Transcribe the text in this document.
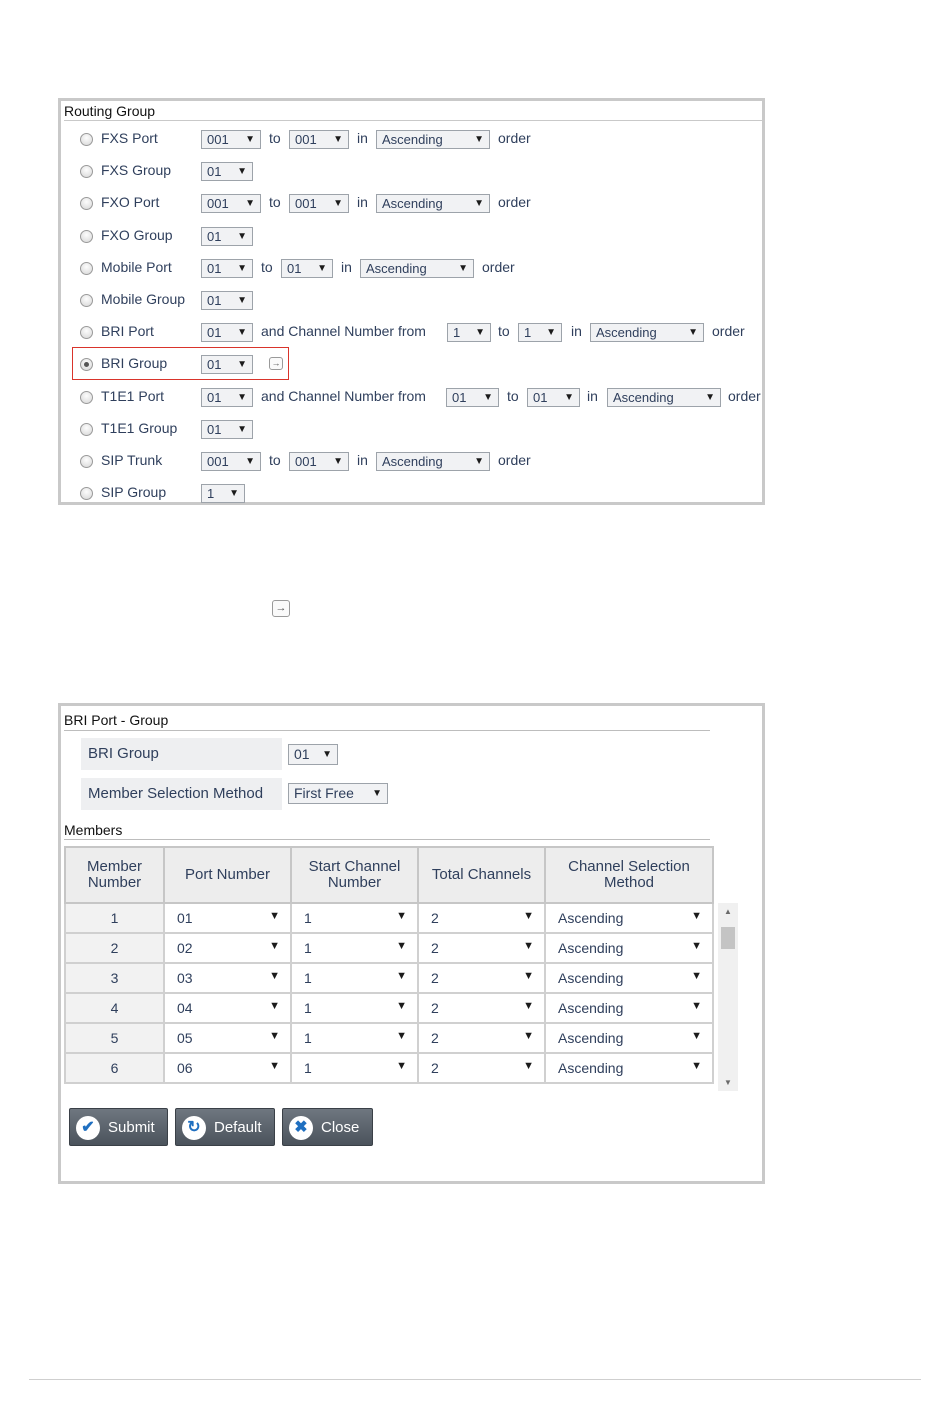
Routing Group
FXS Port	001 ▼ to	001 ▼ in	Ascending	▼ order
FXS Group	01 ▼
FXO Port	001 ▼ to	001 ▼ in	Ascending	▼ order
FXO Group	01 ▼
Mobile Port	01 ▼ to	01 ▼ in	Ascending	▼ order
Mobile Group	01 ▼
BRI Port	01 ▼ and Channel Number from	1 ▼ to	1 ▼ in	Ascending	▼ order
BRI Group	01 ▼
T1E1 Port	01 ▼ and Channel Number from	01 ▼ to	01 ▼ in	Ascending	▼ order
T1E1 Group	01 ▼
SIP Trunk	001 ▼ to	001 ▼ in	Ascending	▼ order
SIP Group	1 ▼
→
→
BRI Port - Group
BRI Group	01 ▼
Member Selection Method	First Free ▼
Members
Member Number	Port Number	Start Channel Number	Total Channels	Channel Selection Method
1	01 ▼	1 ▼	2 ▼	Ascending ▼

2	02 ▼	1 ▼	2 ▼	Ascending ▼

3	03 ▼	1 ▼	2 ▼	Ascending ▼

4	04 ▼	1 ▼	2 ▼	Ascending ▼

5	05 ▼	1 ▼	2 ▼	Ascending ▼

6	06 ▼	1 ▼	2 ▼	Ascending ▼
▲
▼
✔ Submit	↻ Default	✖ Close
